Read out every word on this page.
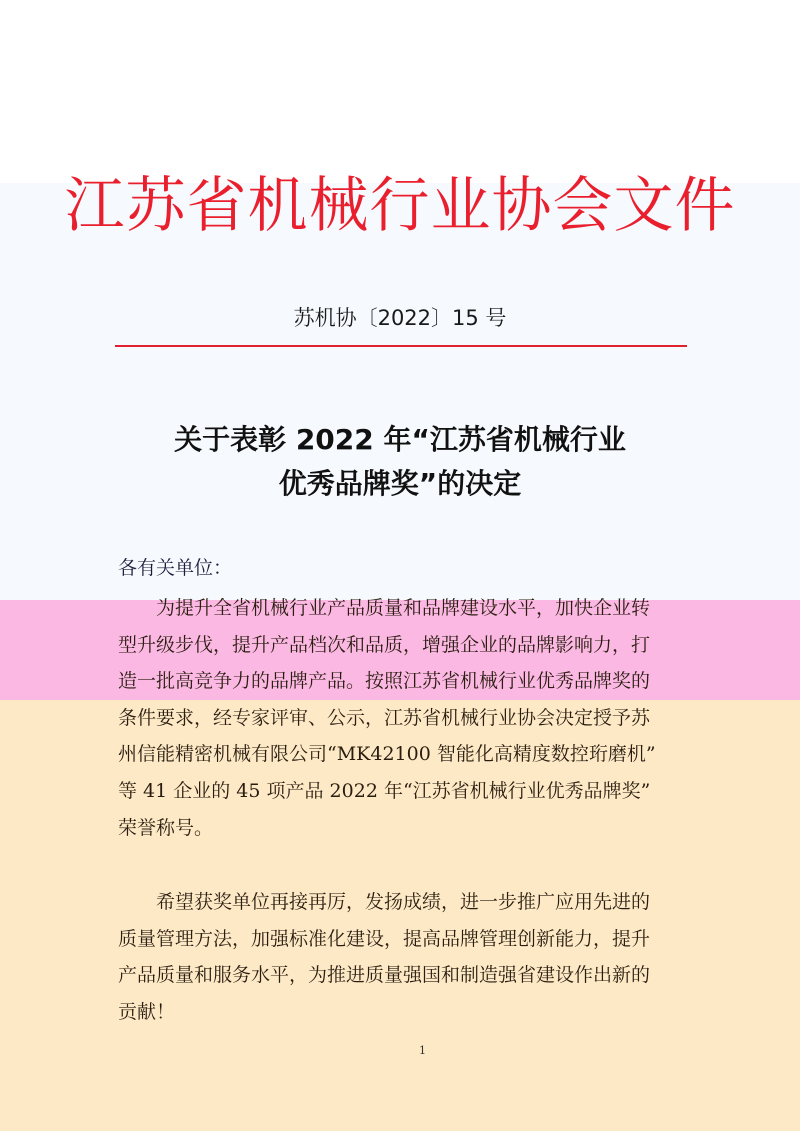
江苏省机械行业协会文件
苏机协〔2022〕15 号
关于表彰 2022 年“江苏省机械行业
优秀品牌奖”的决定
各有关单位：
为提升全省机械行业产品质量和品牌建设水平，加快企业转
型升级步伐，提升产品档次和品质，增强企业的品牌影响力，打
造一批高竞争力的品牌产品。按照江苏省机械行业优秀品牌奖的
条件要求，经专家评审、公示，江苏省机械行业协会决定授予苏
州信能精密机械有限公司“MK42100 智能化高精度数控珩磨机”
等 41 企业的 45 项产品 2022 年“江苏省机械行业优秀品牌奖”
荣誉称号。
希望获奖单位再接再厉，发扬成绩，进一步推广应用先进的
质量管理方法，加强标准化建设，提高品牌管理创新能力，提升
产品质量和服务水平，为推进质量强国和制造强省建设作出新的
贡献！
1
